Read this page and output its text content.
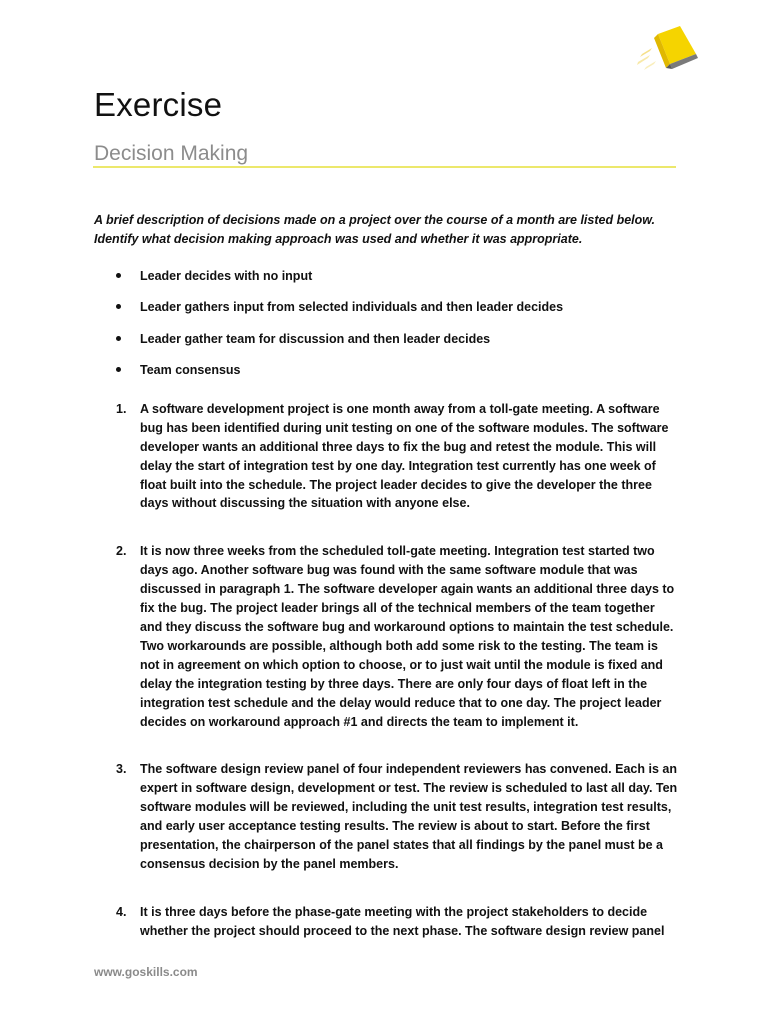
Exercise
Decision Making

A brief description of decisions made on a project over the course of a month are listed below. Identify what decision making approach was used and whether it was appropriate.

Leader decides with no input
Leader gathers input from selected individuals and then leader decides
Leader gather team for discussion and then leader decides
Team consensus
1. A software development project is one month away from a toll-gate meeting. A software bug has been identified during unit testing on one of the software modules. The software developer wants an additional three days to fix the bug and retest the module. This will delay the start of integration test by one day. Integration test currently has one week of float built into the schedule. The project leader decides to give the developer the three days without discussing the situation with anyone else.
2. It is now three weeks from the scheduled toll-gate meeting. Integration test started two days ago. Another software bug was found with the same software module that was discussed in paragraph 1. The software developer again wants an additional three days to fix the bug. The project leader brings all of the technical members of the team together and they discuss the software bug and workaround options to maintain the test schedule. Two workarounds are possible, although both add some risk to the testing. The team is not in agreement on which option to choose, or to just wait until the module is fixed and delay the integration testing by three days. There are only four days of float left in the integration test schedule and the delay would reduce that to one day. The project leader decides on workaround approach #1 and directs the team to implement it.
3. The software design review panel of four independent reviewers has convened. Each is an expert in software design, development or test. The review is scheduled to last all day. Ten software modules will be reviewed, including the unit test results, integration test results, and early user acceptance testing results. The review is about to start. Before the first presentation, the chairperson of the panel states that all findings by the panel must be a consensus decision by the panel members.
4. It is three days before the phase-gate meeting with the project stakeholders to decide whether the project should proceed to the next phase. The software design review panel
www.goskills.com
